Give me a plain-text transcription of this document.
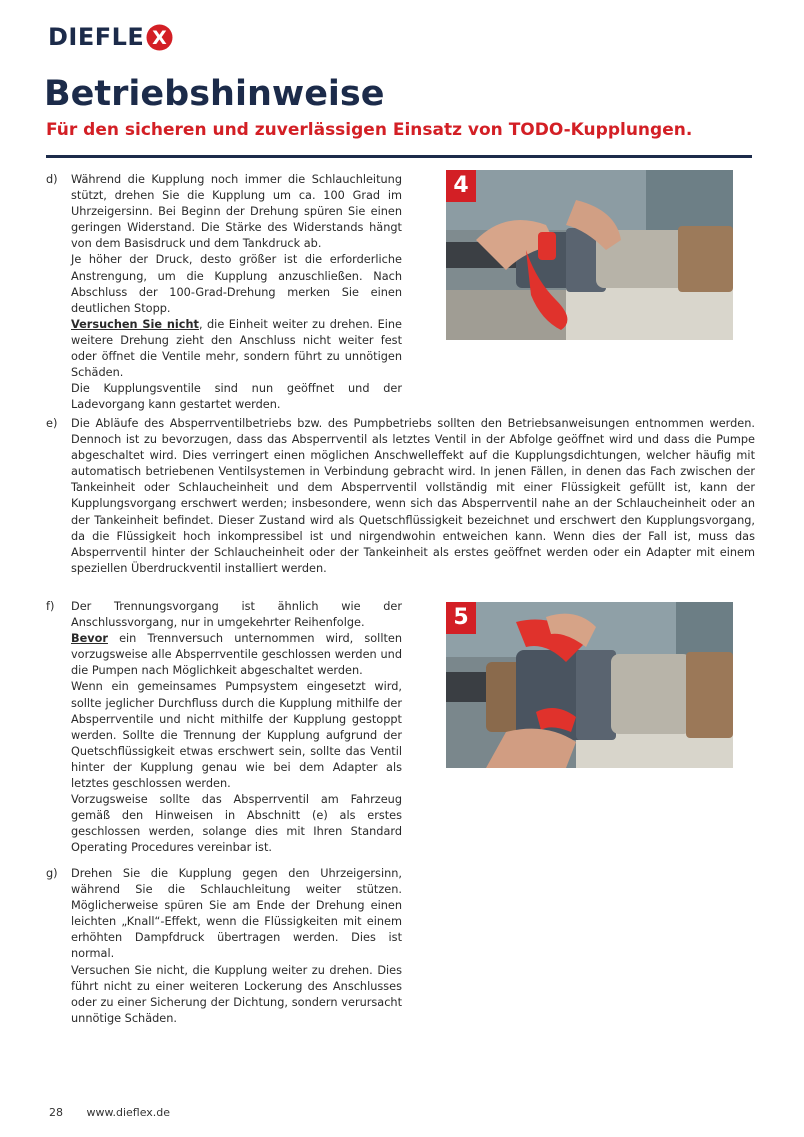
DIEFLE X
Betriebshinweise
Für den sicheren und zuverlässigen Einsatz von TODO-Kupplungen.
d) Während die Kupplung noch immer die Schlauchleitung stützt, drehen Sie die Kupplung um ca. 100 Grad im Uhrzeigersinn. Bei Beginn der Drehung spüren Sie einen geringen Widerstand. Die Stärke des Widerstands hängt von dem Basisdruck und dem Tankdruck ab.

Je höher der Druck, desto größer ist die erforderliche Anstrengung, um die Kupplung anzuschließen. Nach Abschluss der 100-Grad-Drehung merken Sie einen deutlichen Stopp.

Versuchen Sie nicht, die Einheit weiter zu drehen. Eine weitere Drehung zieht den Anschluss nicht weiter fest oder öffnet die Ventile mehr, sondern führt zu unnötigen Schäden.

Die Kupplungsventile sind nun geöffnet und der Ladevorgang kann gestartet werden.

4
e) Die Abläufe des Absperrventilbetriebs bzw. des Pumpbetriebs sollten den Betriebsanweisungen entnommen werden. Dennoch ist zu bevorzugen, dass das Absperrventil als letztes Ventil in der Abfolge geöffnet wird und dass die Pumpe abgeschaltet wird. Dies verringert einen möglichen Anschwelleffekt auf die Kupplungsdichtungen, welcher häufig mit automatisch betriebenen Ventilsystemen in Verbindung gebracht wird. In jenen Fällen, in denen das Fach zwischen der Tankeinheit oder Schlaucheinheit und dem Absperrventil vollständig mit einer Flüssigkeit gefüllt ist, kann der Kupplungsvorgang erschwert werden; insbesondere, wenn sich das Absperrventil nahe an der Schlaucheinheit oder an der Tankeinheit befindet. Dieser Zustand wird als Quetschflüssigkeit bezeichnet und erschwert den Kupplungsvorgang, da die Flüssigkeit hoch inkompressibel ist und nirgendwohin entweichen kann. Wenn dies der Fall ist, muss das Absperrventil hinter der Schlaucheinheit oder der Tankeinheit als erstes geöffnet werden oder ein Adapter mit einem speziellen Überdruckventil installiert werden.

f) Der Trennungsvorgang ist ähnlich wie der Anschlussvorgang, nur in umgekehrter Reihenfolge.

Bevor ein Trennversuch unternommen wird, sollten vorzugsweise alle Absperrventile geschlossen werden und die Pumpen nach Möglichkeit abgeschaltet werden.

Wenn ein gemeinsames Pumpsystem eingesetzt wird, sollte jeglicher Durchfluss durch die Kupplung mithilfe der Absperrventile und nicht mithilfe der Kupplung gestoppt werden. Sollte die Trennung der Kupplung aufgrund der Quetschflüssigkeit etwas erschwert sein, sollte das Ventil hinter der Kupplung genau wie bei dem Adapter als letztes geschlossen werden.

Vorzugsweise sollte das Absperrventil am Fahrzeug gemäß den Hinweisen in Abschnitt (e) als erstes geschlossen werden, solange dies mit Ihren Standard Operating Procedures vereinbar ist.

5
g) Drehen Sie die Kupplung gegen den Uhrzeigersinn, während Sie die Schlauchleitung weiter stützen. Möglicherweise spüren Sie am Ende der Drehung einen leichten „Knall“-Effekt, wenn die Flüssigkeiten mit einem erhöhten Dampfdruck übertragen werden. Dies ist normal.

Versuchen Sie nicht, die Kupplung weiter zu drehen. Dies führt nicht zu einer weiteren Lockerung des Anschlusses oder zu einer Sicherung der Dichtung, sondern verursacht unnötige Schäden.

28 www.dieflex.de
